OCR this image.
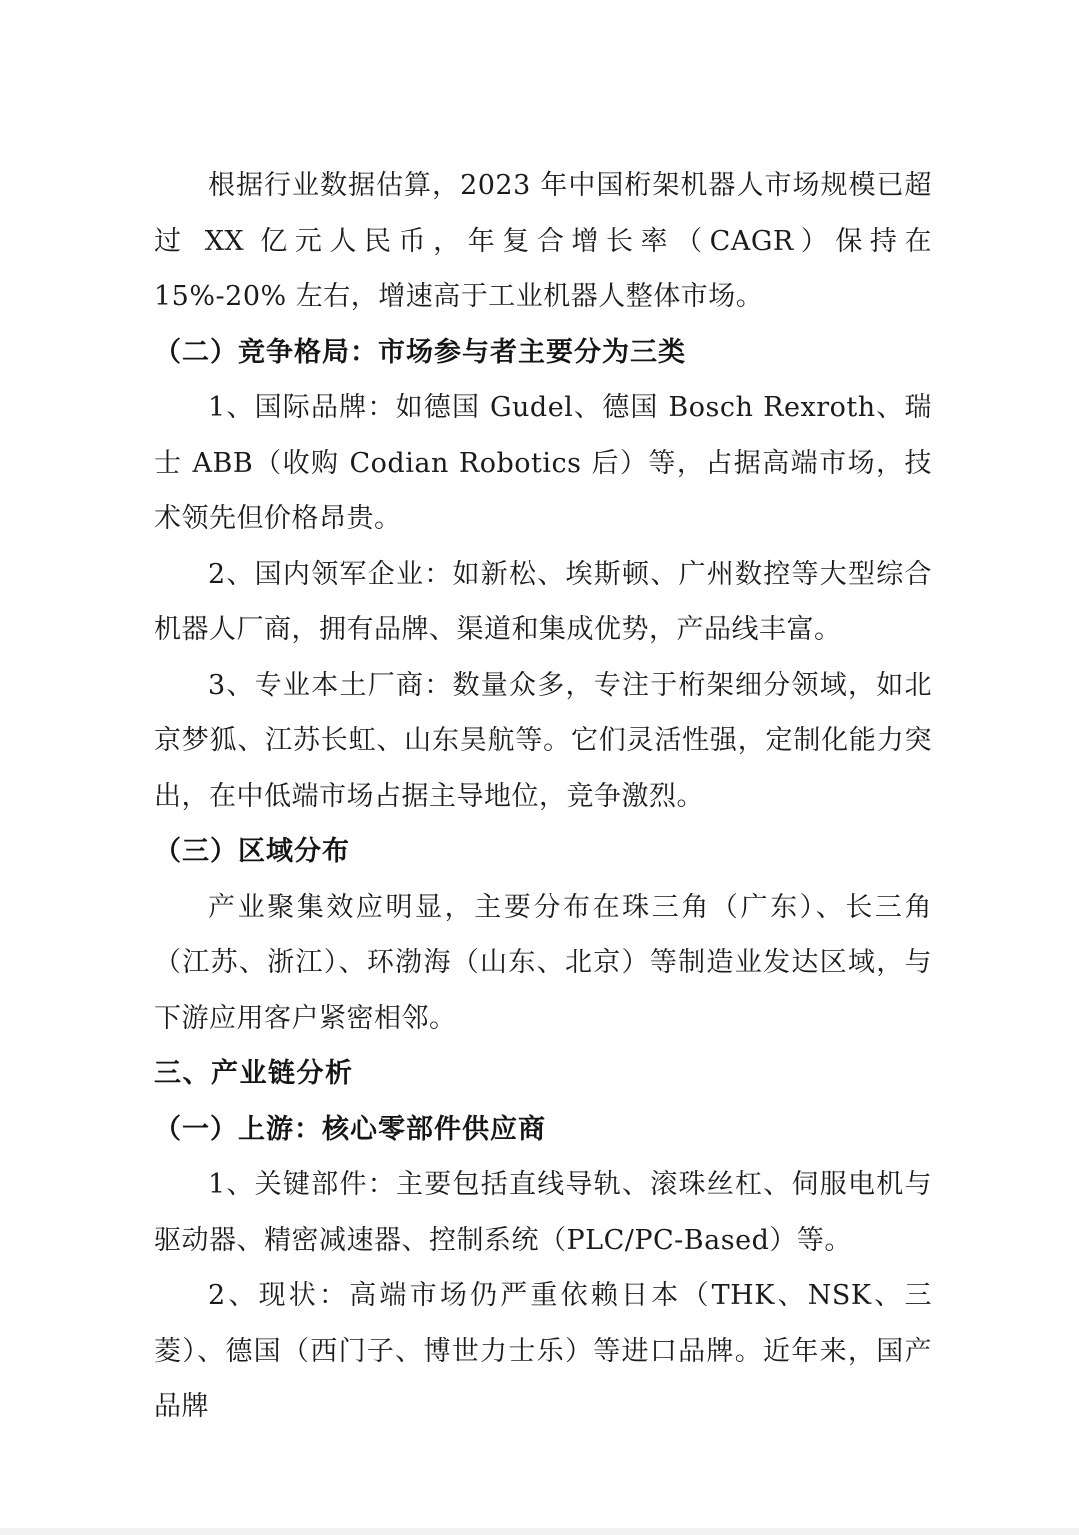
根据行业数据估算，2023 年中国桁架机器人市场规模已超过 XX 亿元人民币，年复合增长率（CAGR）保持在 15%-20% 左右，增速高于工业机器人整体市场。

（二）竞争格局：市场参与者主要分为三类

1、国际品牌：如德国 Gudel、德国 Bosch Rexroth、瑞士 ABB（收购 Codian Robotics 后）等，占据高端市场，技术领先但价格昂贵。

2、国内领军企业：如新松、埃斯顿、广州数控等大型综合机器人厂商，拥有品牌、渠道和集成优势，产品线丰富。

3、专业本土厂商：数量众多，专注于桁架细分领域，如北京梦狐、江苏长虹、山东昊航等。它们灵活性强，定制化能力突出，在中低端市场占据主导地位，竞争激烈。

（三）区域分布

产业聚集效应明显，主要分布在珠三角（广东）、长三角（江苏、浙江）、环渤海（山东、北京）等制造业发达区域，与下游应用客户紧密相邻。

三、产业链分析

（一）上游：核心零部件供应商

1、关键部件：主要包括直线导轨、滚珠丝杠、伺服电机与驱动器、精密减速器、控制系统（PLC/PC-Based）等。

2、现状：高端市场仍严重依赖日本（THK、NSK、三菱）、德国（西门子、博世力士乐）等进口品牌。近年来，国产品牌
